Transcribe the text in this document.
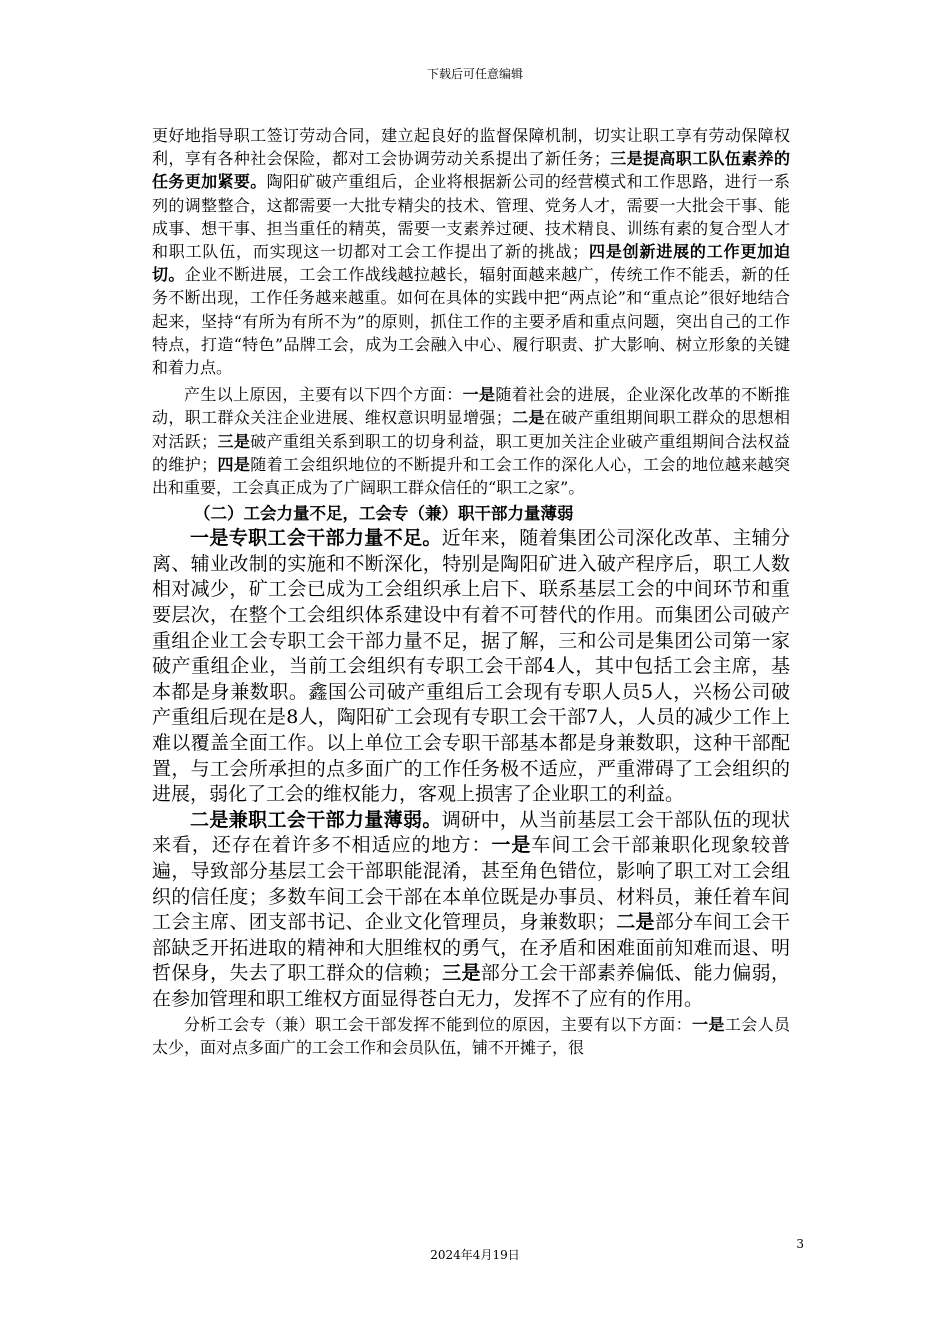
下载后可任意编辑

更好地指导职工签订劳动合同，建立起良好的监督保障机制，切实让职工享有劳动保障权利，享有各种社会保险，都对工会协调劳动关系提出了新任务；三是提高职工队伍素养的任务更加紧要。陶阳矿破产重组后，企业将根据新公司的经营模式和工作思路，进行一系列的调整整合，这都需要一大批专精尖的技术、管理、党务人才，需要一大批会干事、能成事、想干事、担当重任的精英，需要一支素养过硬、技术精良、训练有素的复合型人才和职工队伍，而实现这一切都对工会工作提出了新的挑战；四是创新进展的工作更加迫切。企业不断进展，工会工作战线越拉越长，辐射面越来越广，传统工作不能丢，新的任务不断出现，工作任务越来越重。如何在具体的实践中把“两点论”和“重点论”很好地结合起来，坚持“有所为有所不为”的原则，抓住工作的主要矛盾和重点问题，突出自己的工作特点，打造“特色”品牌工会，成为工会融入中心、履行职责、扩大影响、树立形象的关键和着力点。

产生以上原因，主要有以下四个方面：一是随着社会的进展，企业深化改革的不断推动，职工群众关注企业进展、维权意识明显增强；二是在破产重组期间职工群众的思想相对活跃；三是破产重组关系到职工的切身利益，职工更加关注企业破产重组期间合法权益的维护；四是随着工会组织地位的不断提升和工会工作的深化人心，工会的地位越来越突出和重要，工会真正成为了广阔职工群众信任的“职工之家”。

（二）工会力量不足，工会专（兼）职干部力量薄弱

一是专职工会干部力量不足。近年来，随着集团公司深化改革、主辅分离、辅业改制的实施和不断深化，特别是陶阳矿进入破产程序后，职工人数相对减少，矿工会已成为工会组织承上启下、联系基层工会的中间环节和重要层次，在整个工会组织体系建设中有着不可替代的作用。而集团公司破产重组企业工会专职工会干部力量不足，据了解，三和公司是集团公司第一家破产重组企业，当前工会组织有专职工会干部4人，其中包括工会主席，基本都是身兼数职。鑫国公司破产重组后工会现有专职人员5人，兴杨公司破产重组后现在是8人，陶阳矿工会现有专职工会干部7人，人员的减少工作上难以覆盖全面工作。以上单位工会专职干部基本都是身兼数职，这种干部配置，与工会所承担的点多面广的工作任务极不适应，严重滞碍了工会组织的进展，弱化了工会的维权能力，客观上损害了企业职工的利益。

二是兼职工会干部力量薄弱。调研中，从当前基层工会干部队伍的现状来看，还存在着许多不相适应的地方：一是车间工会干部兼职化现象较普遍，导致部分基层工会干部职能混淆，甚至角色错位，影响了职工对工会组织的信任度；多数车间工会干部在本单位既是办事员、材料员，兼任着车间工会主席、团支部书记、企业文化管理员，身兼数职；二是部分车间工会干部缺乏开拓进取的精神和大胆维权的勇气，在矛盾和困难面前知难而退、明哲保身，失去了职工群众的信赖；三是部分工会干部素养偏低、能力偏弱，在参加管理和职工维权方面显得苍白无力，发挥不了应有的作用。

分析工会专（兼）职工会干部发挥不能到位的原因，主要有以下方面：一是工会人员太少，面对点多面广的工会工作和会员队伍，铺不开摊子，很

3
2024年4月19日
